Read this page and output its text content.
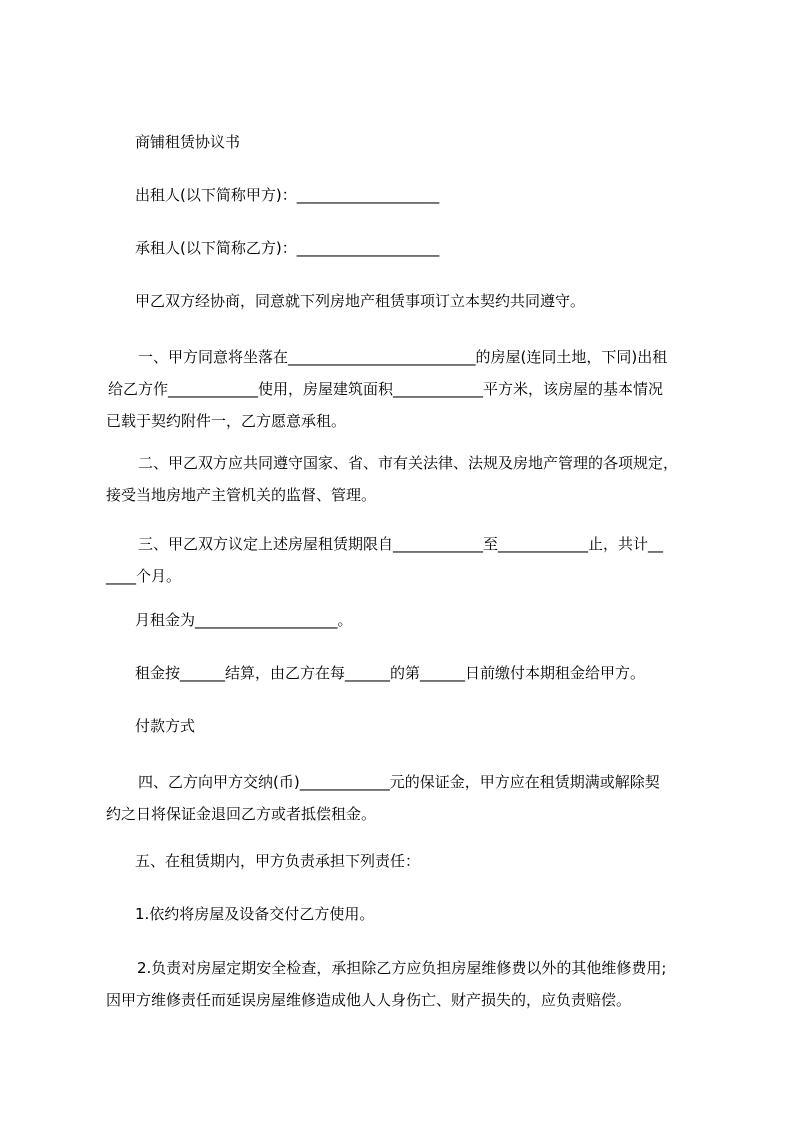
商铺租赁协议书
出租人(以下简称甲方)：___________________
承租人(以下简称乙方)：___________________
甲乙双方经协商，同意就下列房地产租赁事项订立本契约共同遵守。
一、甲方同意将坐落在_________________________的房屋(连同土地，下同)出租
给乙方作____________使用，房屋建筑面积____________平方米，该房屋的基本情况
已载于契约附件一，乙方愿意承租。
二、甲乙双方应共同遵守国家、省、市有关法律、法规及房地产管理的各项规定，
接受当地房地产主管机关的监督、管理。
三、甲乙双方议定上述房屋租赁期限自____________至____________止，共计__
____个月。
月租金为___________________。
租金按______结算，由乙方在每______的第______日前缴付本期租金给甲方。
付款方式
四、乙方向甲方交纳(币)____________元的保证金，甲方应在租赁期满或解除契
约之日将保证金退回乙方或者抵偿租金。
五、在租赁期内，甲方负责承担下列责任：
1.依约将房屋及设备交付乙方使用。
2.负责对房屋定期安全检查，承担除乙方应负担房屋维修费以外的其他维修费用;
因甲方维修责任而延误房屋维修造成他人人身伤亡、财产损失的，应负责赔偿。
